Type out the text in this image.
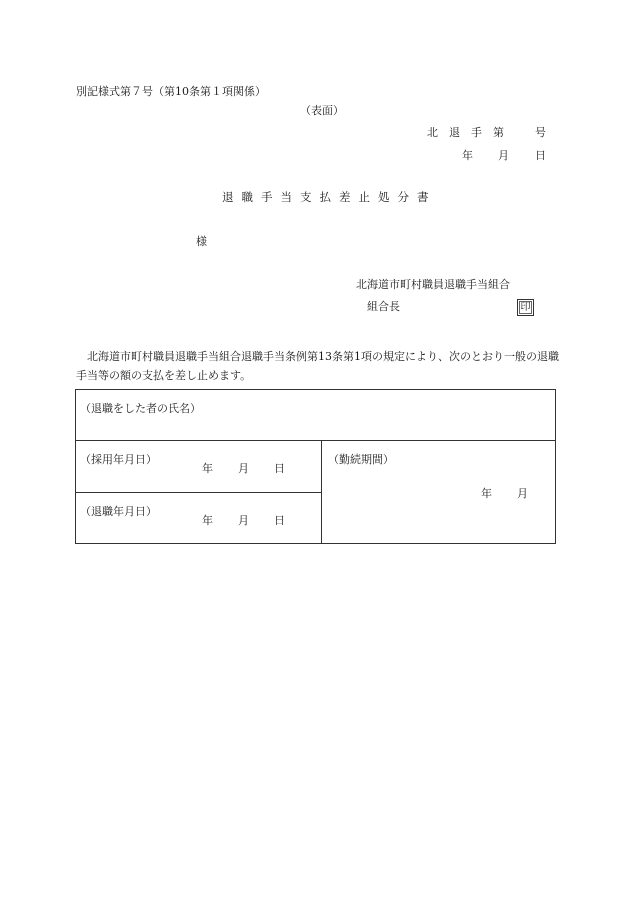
別記様式第７号（第10条第１項関係）
（表面）
北　退　手　第	号
年 月 日
退職手当支払差止処分書
様
北海道市町村職員退職手当組合
組合長	印
北海道市町村職員退職手当組合退職手当条例第13条第1項の規定により、次のとおり一般の退職手当等の額の支払を差し止めます。
（退職をした者の氏名）
（採用年月日）
年 月 日
（退職年月日）
年 月 日
（勤続期間）
年 月
